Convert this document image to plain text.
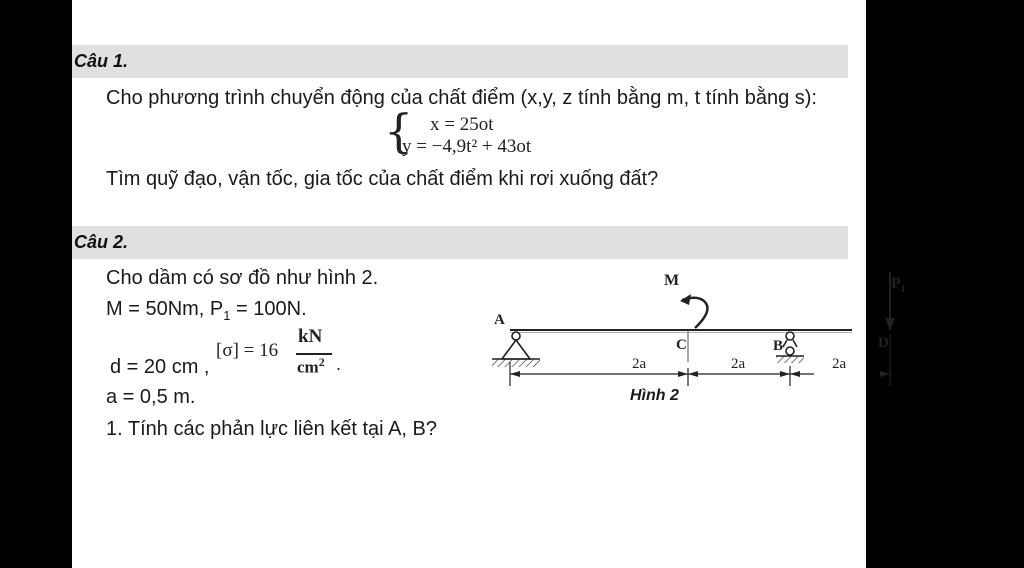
Câu 1.
Cho phương trình chuyển động của chất điểm (x,y, z tính bằng m, t tính bằng s):
{ x = 25ot
y = −4,9t² + 43ot
Tìm quỹ đạo, vận tốc, gia tốc của chất điểm khi rơi xuống đất?
Câu 2.
Cho dầm có sơ đồ như hình 2.
M = 50Nm, $P_1 = 100N$.
d = 20 cm ,
[σ] = 16
kN
$cm^2$ .
a = 0,5 m.
1. Tính các phản lực liên kết tại A, B?
M	$P_1$
A
C	B	D
2a	2a	2a
Hình 2
